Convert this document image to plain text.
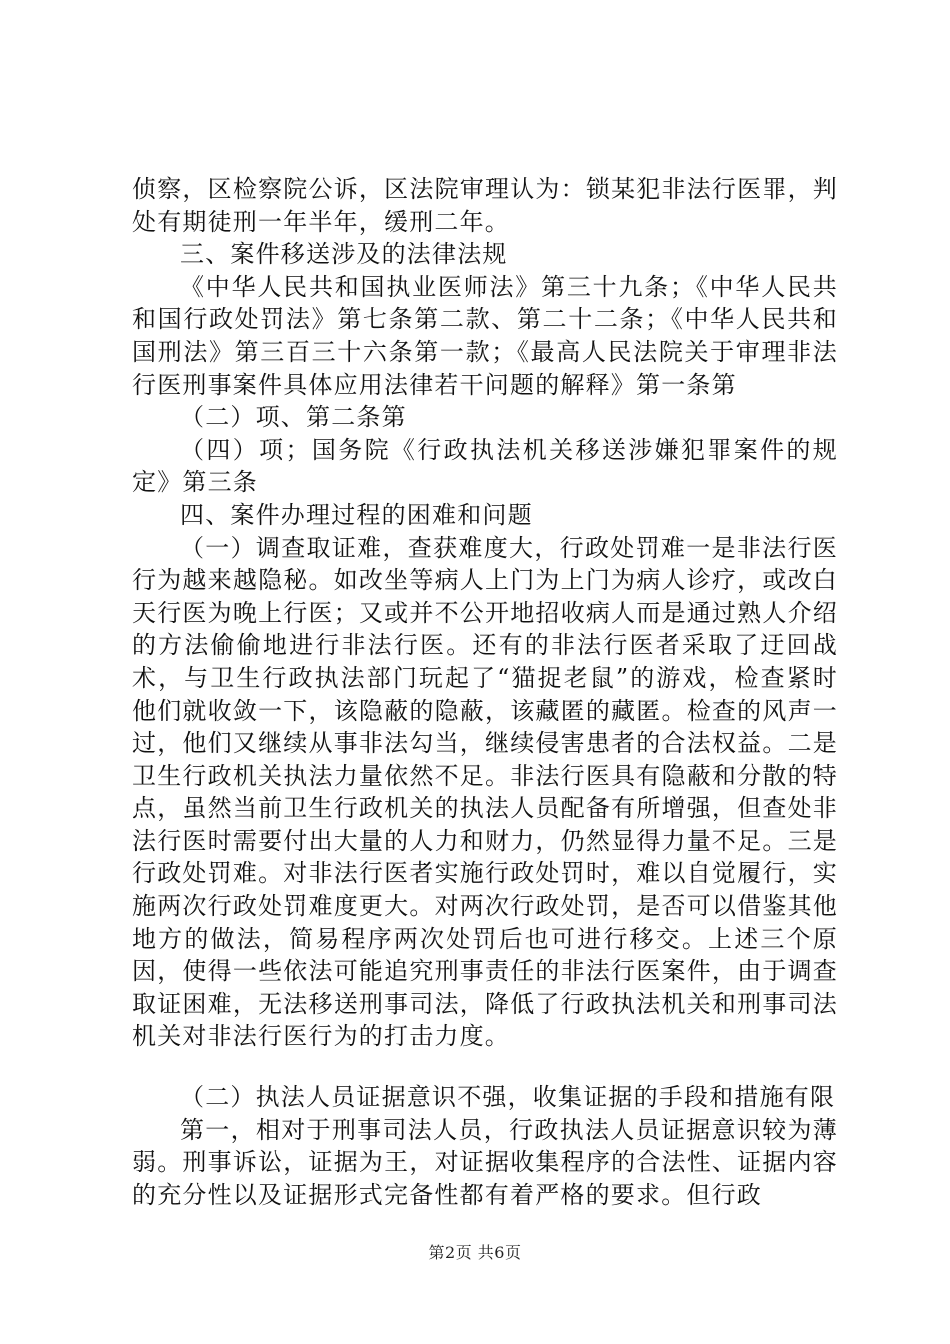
侦察，区检察院公诉，区法院审理认为：锁某犯非法行医罪，判处有期徒刑一年半年，缓刑二年。

三、案件移送涉及的法律法规

《中华人民共和国执业医师法》第三十九条；《中华人民共和国行政处罚法》第七条第二款、第二十二条；《中华人民共和国刑法》第三百三十六条第一款；《最高人民法院关于审理非法行医刑事案件具体应用法律若干问题的解释》第一条第

（二）项、第二条第

（四）项；国务院《行政执法机关移送涉嫌犯罪案件的规定》第三条

四、案件办理过程的困难和问题

（一）调查取证难，查获难度大，行政处罚难一是非法行医行为越来越隐秘。如改坐等病人上门为上门为病人诊疗，或改白天行医为晚上行医；又或并不公开地招收病人而是通过熟人介绍的方法偷偷地进行非法行医。还有的非法行医者采取了迂回战术，与卫生行政执法部门玩起了“猫捉老鼠”的游戏，检查紧时他们就收敛一下，该隐蔽的隐蔽，该藏匿的藏匿。检查的风声一过，他们又继续从事非法勾当，继续侵害患者的合法权益。二是卫生行政机关执法力量依然不足。非法行医具有隐蔽和分散的特点，虽然当前卫生行政机关的执法人员配备有所增强，但查处非法行医时需要付出大量的人力和财力，仍然显得力量不足。三是行政处罚难。对非法行医者实施行政处罚时，难以自觉履行，实施两次行政处罚难度更大。对两次行政处罚，是否可以借鉴其他地方的做法，简易程序两次处罚后也可进行移交。上述三个原因，使得一些依法可能追究刑事责任的非法行医案件，由于调查取证困难，无法移送刑事司法，降低了行政执法机关和刑事司法机关对非法行医行为的打击力度。

（二）执法人员证据意识不强，收集证据的手段和措施有限

第一，相对于刑事司法人员，行政执法人员证据意识较为薄弱。刑事诉讼，证据为王，对证据收集程序的合法性、证据内容的充分性以及证据形式完备性都有着严格的要求。但行政

第2页 共6页
